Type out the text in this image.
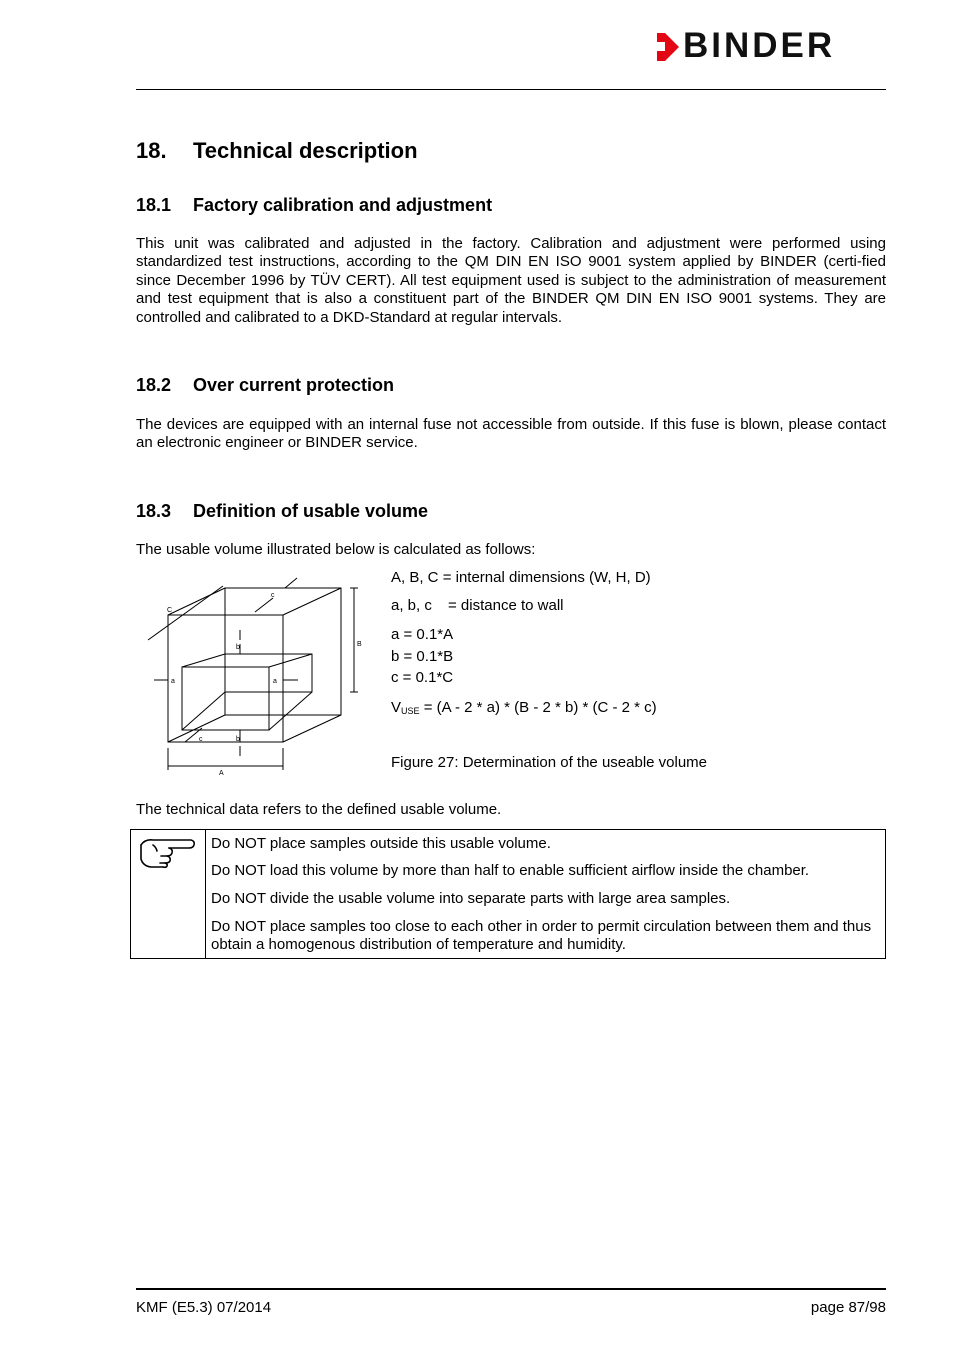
BINDER
18. Technical description
18.1 Factory calibration and adjustment

This unit was calibrated and adjusted in the factory. Calibration and adjustment were performed using standardized test instructions, according to the QM DIN EN ISO 9001 system applied by BINDER (certi-fied since December 1996 by TÜV CERT). All test equipment used is subject to the administration of measurement and test equipment that is also a constituent part of the BINDER QM DIN EN ISO 9001 systems. They are controlled and calibrated to a DKD-Standard at regular intervals.

18.2 Over current protection

The devices are equipped with an internal fuse not accessible from outside. If this fuse is blown, please contact an electronic engineer or BINDER service.

18.3 Definition of usable volume

The usable volume illustrated below is calculated as follows:

C
c
B
b
a	a
c	b
A
A, B, C = internal dimensions (W, H, D)
a, b, c = distance to wall
a = 0.1*A
b = 0.1*B
c = 0.1*C
$V_{USE} = (A - 2 * a) * (B - 2 * b) * (C - 2 * c)$
Figure 27: Determination of the useable volume

The technical data refers to the defined usable volume.

Do NOT place samples outside this usable volume.

Do NOT load this volume by more than half to enable sufficient airflow inside the chamber.

Do NOT divide the usable volume into separate parts with large area samples.

Do NOT place samples too close to each other in order to permit circulation between them and thus obtain a homogenous distribution of temperature and humidity.

KMF (E5.3) 07/2014	page 87/98
